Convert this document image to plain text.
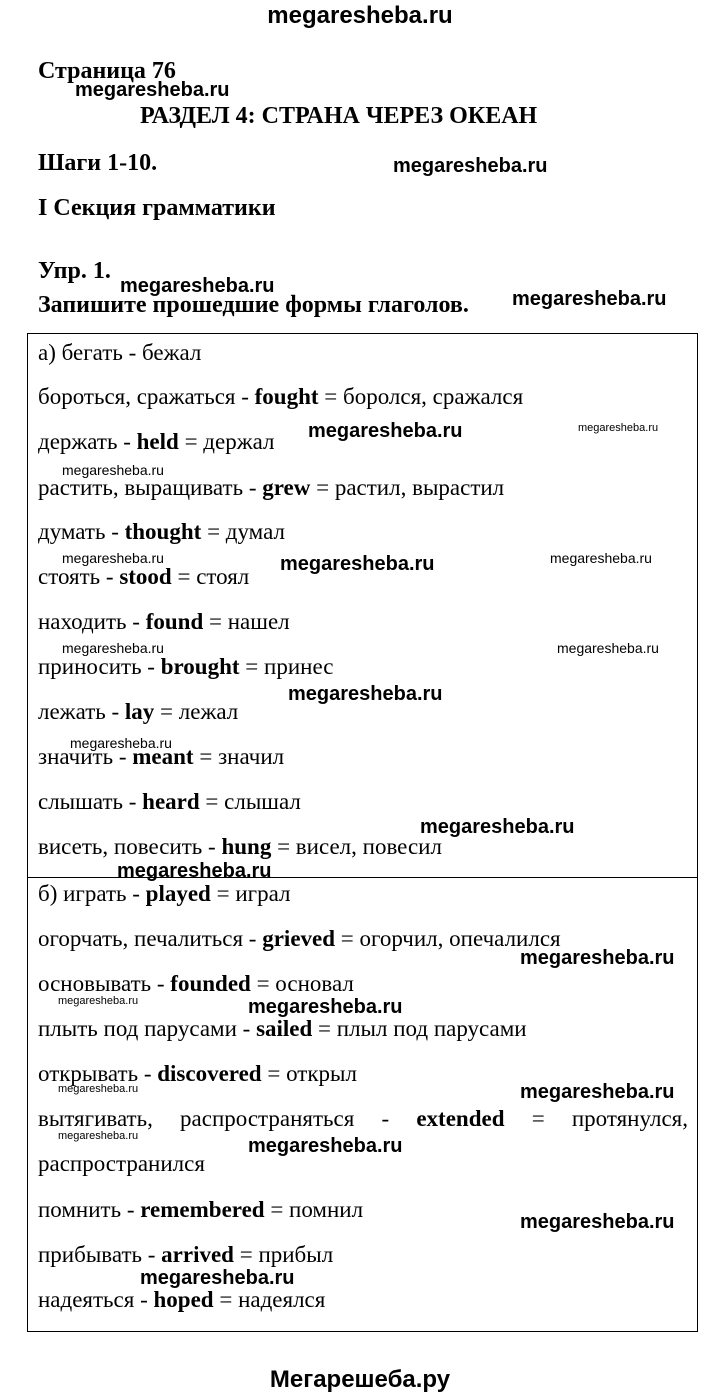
megaresheba.ru
Страница 76
РАЗДЕЛ 4: СТРАНА ЧЕРЕЗ ОКЕАН
Шаги 1-10.
I Секция грамматики
Упр. 1.
Запишите прошедшие формы глаголов.
а) бегать - бежал
бороться, сражаться - fought = боролся, сражался
держать - held = держал
растить, выращивать - grew = растил, вырастил
думать - thought = думал
стоять - stood = стоял
находить - found = нашел
приносить - brought = принес
лежать - lay = лежал
значить - meant = значил
слышать - heard = слышал
висеть, повесить - hung = висел, повесил
б) играть - played = играл
огорчать, печалиться - grieved = огорчил, опечалился
основывать - founded = основал
плыть под парусами - sailed = плыл под парусами
открывать - discovered = открыл
вытягивать, распространяться - extended = протянулся,
распространился
помнить - remembered = помнил
прибывать - arrived = прибыл
надеяться - hoped = надеялся
megaresheba.ru
megaresheba.ru
megaresheba.ru
megaresheba.ru
megaresheba.ru	megaresheba.ru
megaresheba.ru
megaresheba.ru	megaresheba.ru	megaresheba.ru
megaresheba.ru	megaresheba.ru
megaresheba.ru
megaresheba.ru
megaresheba.ru
megaresheba.ru
megaresheba.ru
megaresheba.ru	megaresheba.ru
megaresheba.ru	megaresheba.ru
megaresheba.ru	megaresheba.ru
megaresheba.ru
megaresheba.ru
Мегарешеба.ру
